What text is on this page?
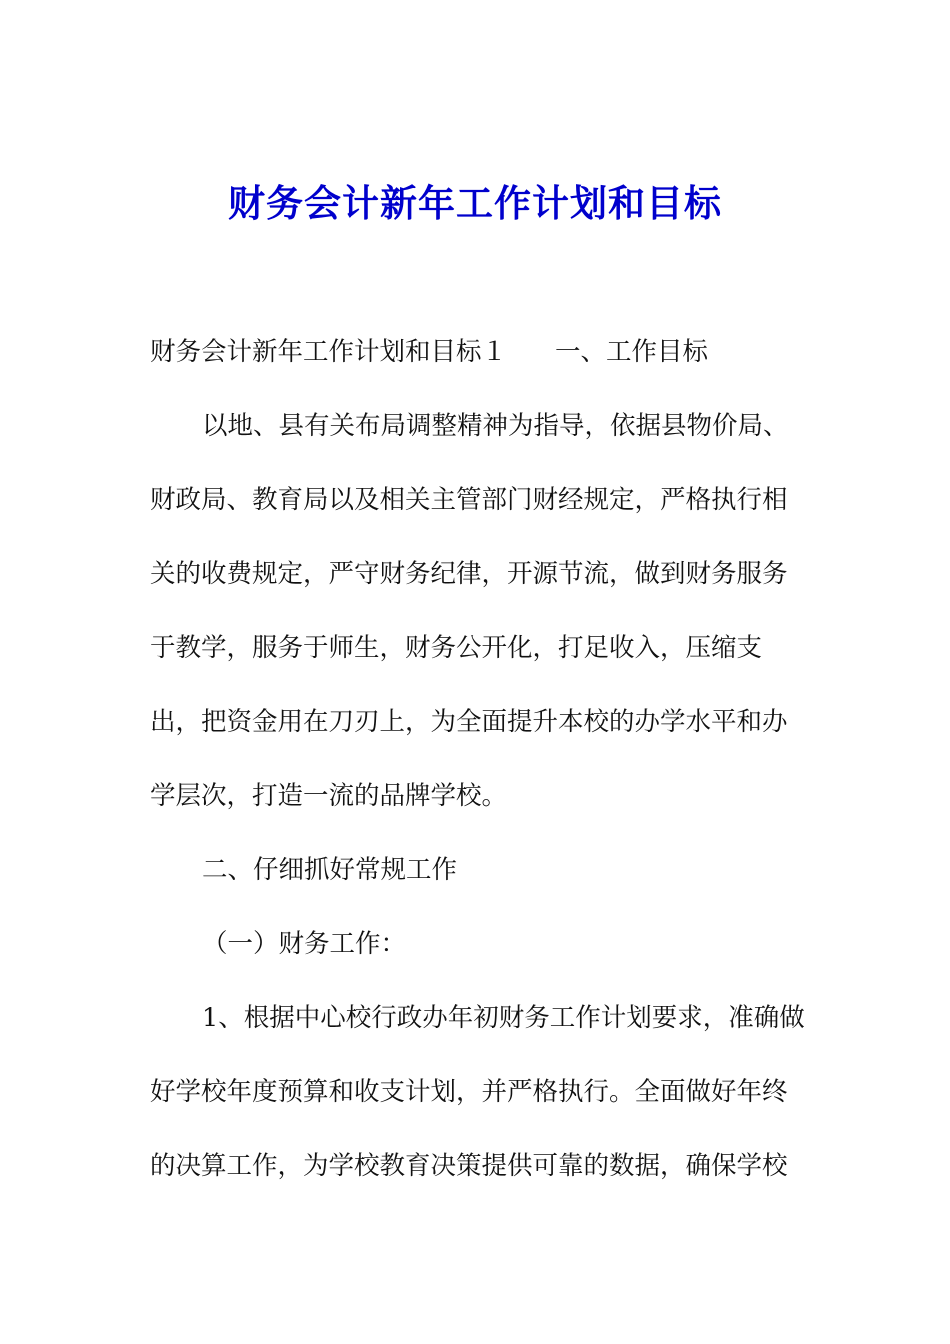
财务会计新年工作计划和目标
财务会计新年工作计划和目标１ 一、工作目标
以地、县有关布局调整精神为指导，依据县物价局、
财政局、教育局以及相关主管部门财经规定，严格执行相
关的收费规定，严守财务纪律，开源节流，做到财务服务
于教学，服务于师生，财务公开化，打足收入，压缩支
出，把资金用在刀刃上，为全面提升本校的办学水平和办
学层次，打造一流的品牌学校。
二、仔细抓好常规工作
（一）财务工作：
1、根据中心校行政办年初财务工作计划要求，准确做
好学校年度预算和收支计划，并严格执行。全面做好年终
的决算工作，为学校教育决策提供可靠的数据，确保学校
